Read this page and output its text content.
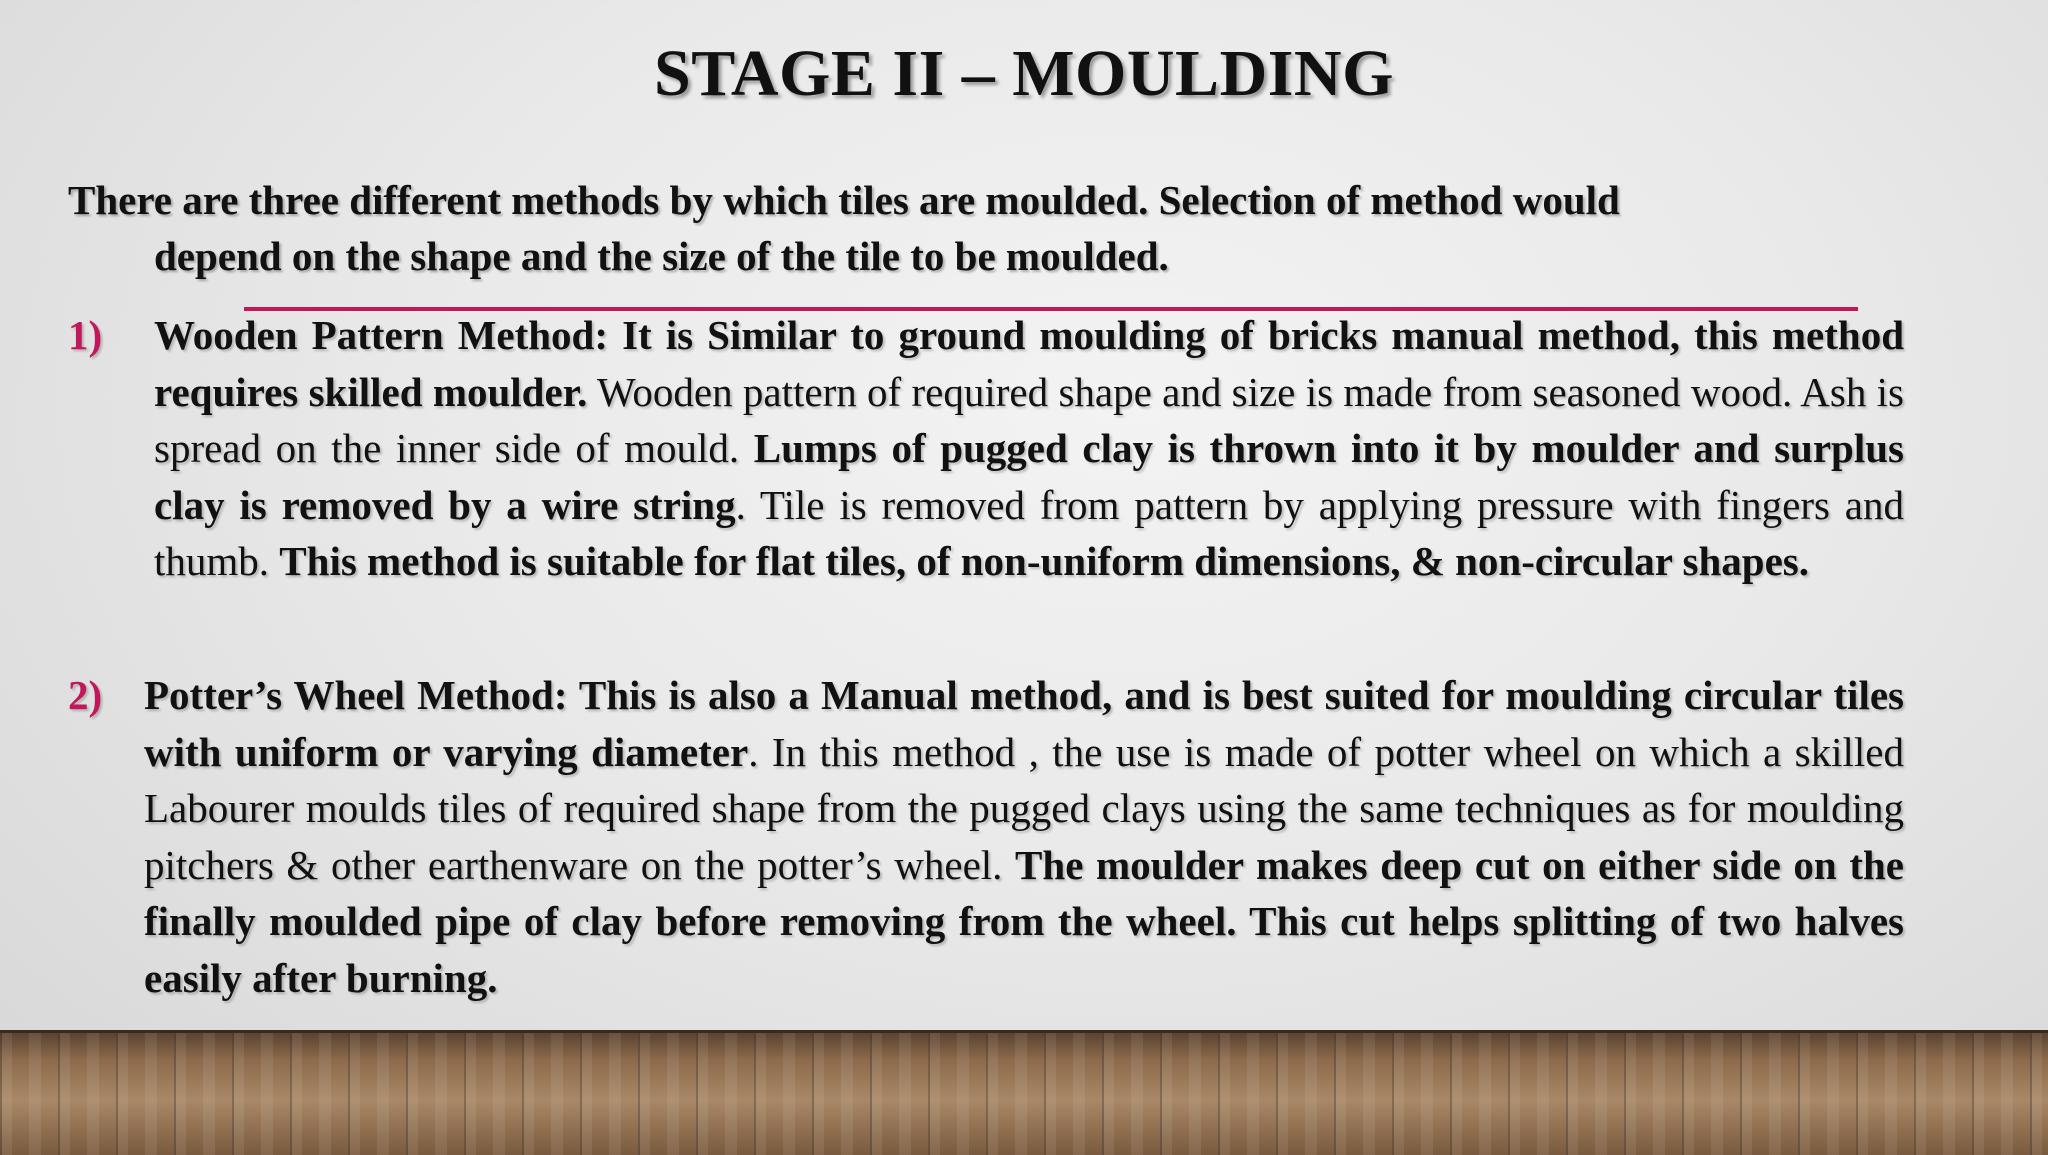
STAGE II – MOULDING
There are three different methods by which tiles are moulded. Selection of method would
depend on the shape and the size of the tile to be moulded.
1) Wooden Pattern Method: It is Similar to ground moulding of bricks manual method, this method requires skilled moulder. Wooden pattern of required shape and size is made from seasoned wood. Ash is spread on the inner side of mould. Lumps of pugged clay is thrown into it by moulder and surplus clay is removed by a wire string. Tile is removed from pattern by applying pressure with fingers and thumb. This method is suitable for flat tiles, of non-uniform dimensions, & non-circular shapes.
2) Potter’s Wheel Method: This is also a Manual method, and is best suited for moulding circular tiles with uniform or varying diameter. In this method , the use is made of potter wheel on which a skilled Labourer moulds tiles of required shape from the pugged clays using the same techniques as for moulding pitchers & other earthenware on the potter’s wheel. The moulder makes deep cut on either side on the finally moulded pipe of clay before removing from the wheel. This cut helps splitting of two halves easily after burning.
